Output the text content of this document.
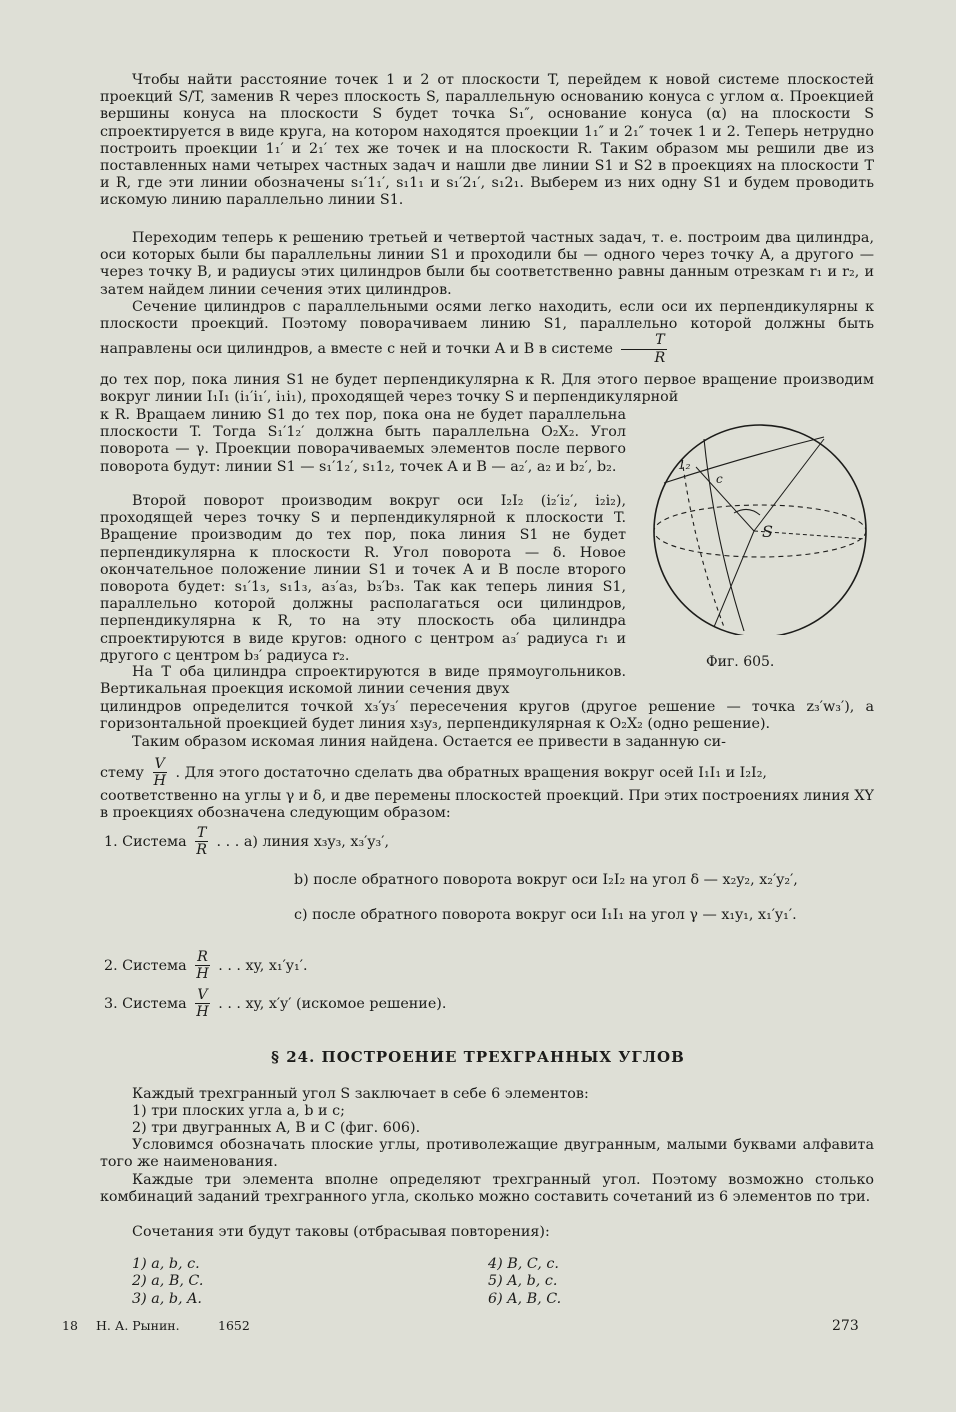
Чтобы найти расстояние точек 1 и 2 от плоскости T, перейдем к новой системе плоскостей проекций S/T, заменив R через плоскость S, параллельную основанию конуса с углом α. Проекцией вершины конуса на плоскости S будет точка S₁″, основание конуса (α) на плоскости S спроектируется в виде круга, на котором находятся проекции 1₁″ и 2₁″ точек 1 и 2. Теперь нетрудно построить проекции 1₁′ и 2₁′ тех же точек и на плоскости R. Таким образом мы решили две из поставленных нами четырех частных задач и нашли две линии S1 и S2 в проекциях на плоскости T и R, где эти линии обозначены s₁′1₁′, s₁1₁ и s₁′2₁′, s₁2₁. Выберем из них одну S1 и будем проводить искомую линию параллельно линии S1.
Переходим теперь к решению третьей и четвертой частных задач, т. е. построим два цилиндра, оси которых были бы параллельны линии S1 и проходили бы — одного через точку A, а другого — через точку B, и радиусы этих цилиндров были бы соответственно равны данным отрезкам r₁ и r₂, и затем найдем линии сечения этих цилиндров.
Сечение цилиндров с параллельными осями легко находить, если оси их перпендикулярны к плоскости проекций. Поэтому поворачиваем линию S1, параллельно которой должны быть направлены оси цилиндров, а вместе с ней и точки A и B в системе $\frac{T}{R}$
до тех пор, пока линия S1 не будет перпендикулярна к R. Для этого первое вращение производим вокруг линии I₁I₁ (i₁′i₁′, i₁i₁), проходящей через точку S и перпендикулярной
к R. Вращаем линию S1 до тех пор, пока она не будет параллельна плоскости T. Тогда S₁′1₂′ должна быть параллельна O₂X₂. Угол поворота — γ. Проекции поворачиваемых элементов после первого поворота будут: линии S1 — s₁′1₂′, s₁1₂, точек A и B — a₂′, a₂ и b₂′, b₂.
Второй поворот производим вокруг оси I₂I₂ (i₂′i₂′, i₂i₂), проходящей через точку S и перпендикулярной к плоскости T. Вращение производим до тех пор, пока линия S1 не будет перпендикулярна к плоскости R. Угол поворота — δ. Новое окончательное положение линии S1 и точек A и B после второго поворота будет: s₁′1₃, s₁1₃, a₃′a₃, b₃′b₃. Так как теперь линия S1, параллельно которой должны располагаться оси цилиндров, перпендикулярна к R, то на эту плоскость оба цилиндра спроектируются в виде кругов: одного с центром a₃′ радиуса r₁ и другого с центром b₃′ радиуса r₂.
На T оба цилиндра спроектируются в виде прямоугольников. Вертикальная проекция искомой линии сечения двух
цилиндров определится точкой x₃′y₃′ пересечения кругов (другое решение — точка z₃′w₃′), а горизонтальной проекцией будет линия x₃y₃, перпендикулярная к O₂X₂ (одно решение).
Таким образом искомая линия найдена. Остается ее привести в заданную си-
стему $\frac{V}{H}$ . Для этого достаточно сделать два обратных вращения вокруг осей I₁I₁ и I₂I₂,
соответственно на углы γ и δ, и две перемены плоскостей проекций. При этих построениях линия XY в проекциях обозначена следующим образом:
1. Система $\frac{T}{R}$ . . . a) линия x₃y₃, x₃′y₃′,
b) после обратного поворота вокруг оси I₂I₂ на угол δ — x₂y₂, x₂′y₂′,
c) после обратного поворота вокруг оси I₁I₁ на угол γ — x₁y₁, x₁′y₁′.
2. Система $\frac{R}{H}$ . . . xy, x₁′y₁′.
3. Система $\frac{V}{H}$ . . . xy, x′y′ (искомое решение).
§ 24. ПОСТРОЕНИЕ ТРЕХГРАННЫХ УГЛОВ
Каждый трехгранный угол S заключает в себе 6 элементов:
1) три плоских угла a, b и c;
2) три двугранных A, B и C (фиг. 606).
Условимся обозначать плоские углы, противолежащие двугранным, малыми буквами алфавита того же наименования.
Каждые три элемента вполне определяют трехгранный угол. Поэтому возможно столько комбинаций заданий трехгранного угла, сколько можно составить сочетаний из 6 элементов по три.
Сочетания эти будут таковы (отбрасывая повторения):
1) a, b, c.
2) a, B, C.
3) a, b, A.
4) B, C, c.
5) A, b, c.
6) A, B, C.
S
1₂
c
Фиг. 605.
18 Н. А. Рынин.	1652	273
